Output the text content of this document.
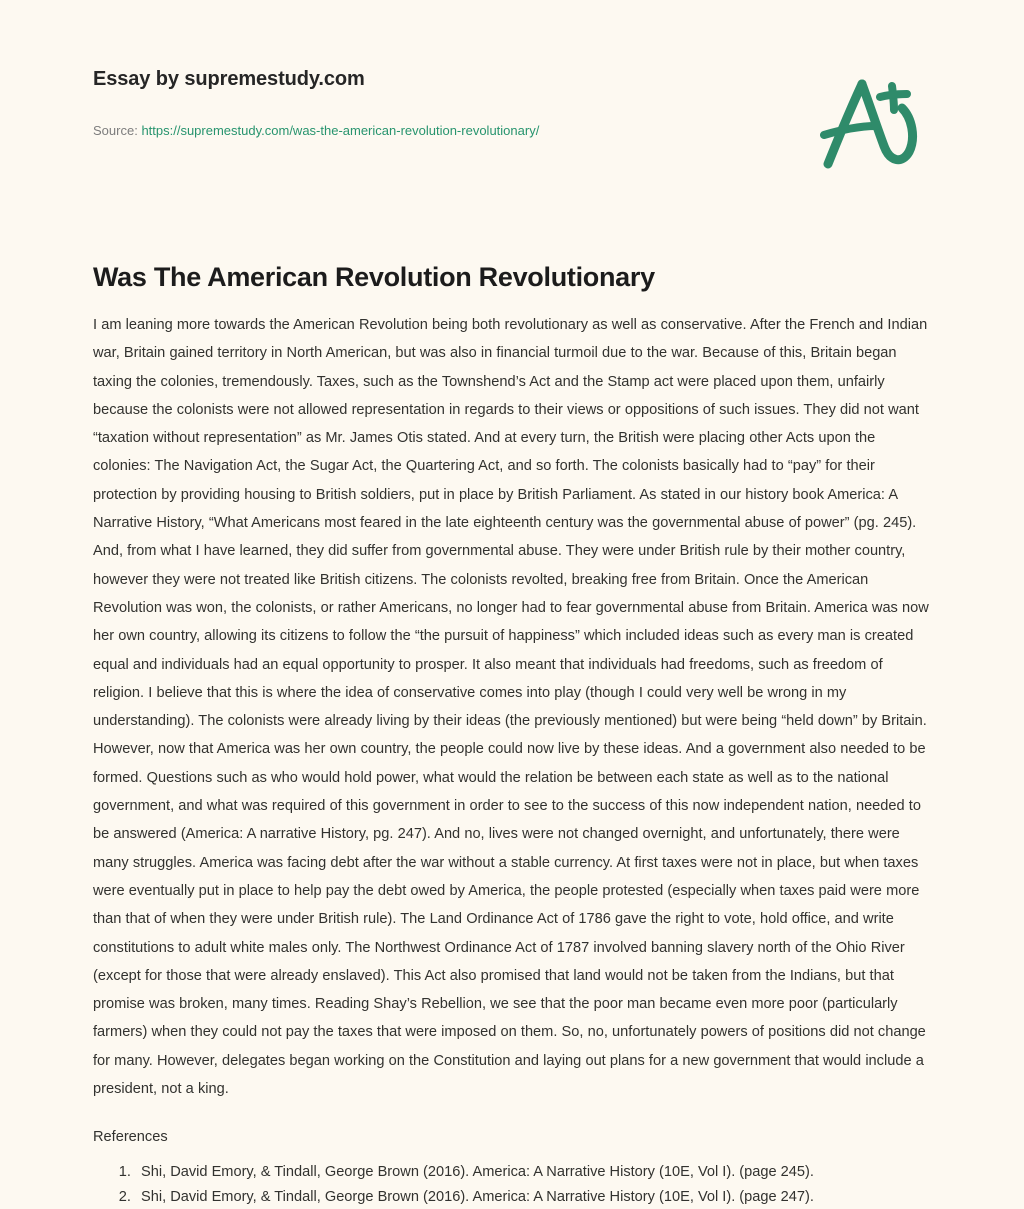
Essay by supremestudy.com
Source: https://supremestudy.com/was-the-american-revolution-revolutionary/
Was The American Revolution Revolutionary

I am leaning more towards the American Revolution being both revolutionary as well as conservative. After the French and Indian war, Britain gained territory in North American, but was also in financial turmoil due to the war. Because of this, Britain began taxing the colonies, tremendously. Taxes, such as the Townshend’s Act and the Stamp act were placed upon them, unfairly because the colonists were not allowed representation in regards to their views or oppositions of such issues. They did not want “taxation without representation” as Mr. James Otis stated. And at every turn, the British were placing other Acts upon the colonies: The Navigation Act, the Sugar Act, the Quartering Act, and so forth. The colonists basically had to “pay” for their protection by providing housing to British soldiers, put in place by British Parliament. As stated in our history book America: A Narrative History, “What Americans most feared in the late eighteenth century was the governmental abuse of power” (pg. 245). And, from what I have learned, they did suffer from governmental abuse. They were under British rule by their mother country, however they were not treated like British citizens. The colonists revolted, breaking free from Britain. Once the American Revolution was won, the colonists, or rather Americans, no longer had to fear governmental abuse from Britain. America was now her own country, allowing its citizens to follow the “the pursuit of happiness” which included ideas such as every man is created equal and individuals had an equal opportunity to prosper. It also meant that individuals had freedoms, such as freedom of religion. I believe that this is where the idea of conservative comes into play (though I could very well be wrong in my understanding). The colonists were already living by their ideas (the previously mentioned) but were being “held down” by Britain. However, now that America was her own country, the people could now live by these ideas. And a government also needed to be formed. Questions such as who would hold power, what would the relation be between each state as well as to the national government, and what was required of this government in order to see to the success of this now independent nation, needed to be answered (America: A narrative History, pg. 247). And no, lives were not changed overnight, and unfortunately, there were many struggles. America was facing debt after the war without a stable currency. At first taxes were not in place, but when taxes were eventually put in place to help pay the debt owed by America, the people protested (especially when taxes paid were more than that of when they were under British rule). The Land Ordinance Act of 1786 gave the right to vote, hold office, and write constitutions to adult white males only. The Northwest Ordinance Act of 1787 involved banning slavery north of the Ohio River (except for those that were already enslaved). This Act also promised that land would not be taken from the Indians, but that promise was broken, many times. Reading Shay’s Rebellion, we see that the poor man became even more poor (particularly farmers) when they could not pay the taxes that were imposed on them. So, no, unfortunately powers of positions did not change for many. However, delegates began working on the Constitution and laying out plans for a new government that would include a president, not a king.

References

1. Shi, David Emory, & Tindall, George Brown (2016). America: A Narrative History (10E, Vol I). (page 245).
2. Shi, David Emory, & Tindall, George Brown (2016). America: A Narrative History (10E, Vol I). (page 247).
